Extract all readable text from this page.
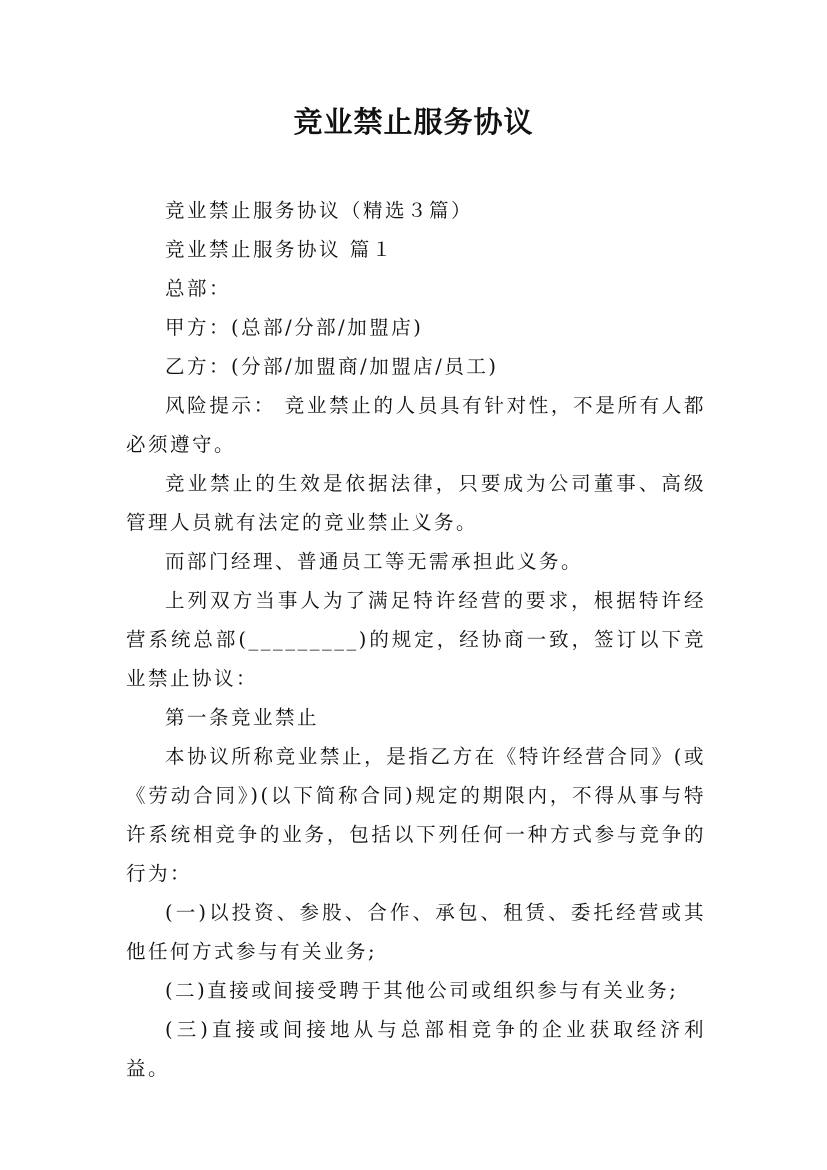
竞业禁止服务协议

竞业禁止服务协议（精选３篇）

竞业禁止服务协议 篇１

总部：

甲方：(总部/分部/加盟店)

乙方：(分部/加盟商/加盟店/员工)

风险提示： 竞业禁止的人员具有针对性，不是所有人都必须遵守。

竞业禁止的生效是依据法律，只要成为公司董事、高级管理人员就有法定的竞业禁止义务。

而部门经理、普通员工等无需承担此义务。

上列双方当事人为了满足特许经营的要求，根据特许经营系统总部(_________)的规定，经协商一致，签订以下竞业禁止协议：

第一条竞业禁止

本协议所称竞业禁止，是指乙方在《特许经营合同》(或《劳动合同》)(以下简称合同)规定的期限内，不得从事与特许系统相竞争的业务，包括以下列任何一种方式参与竞争的行为：

(一)以投资、参股、合作、承包、租赁、委托经营或其他任何方式参与有关业务;

(二)直接或间接受聘于其他公司或组织参与有关业务;

(三)直接或间接地从与总部相竞争的企业获取经济利益。
